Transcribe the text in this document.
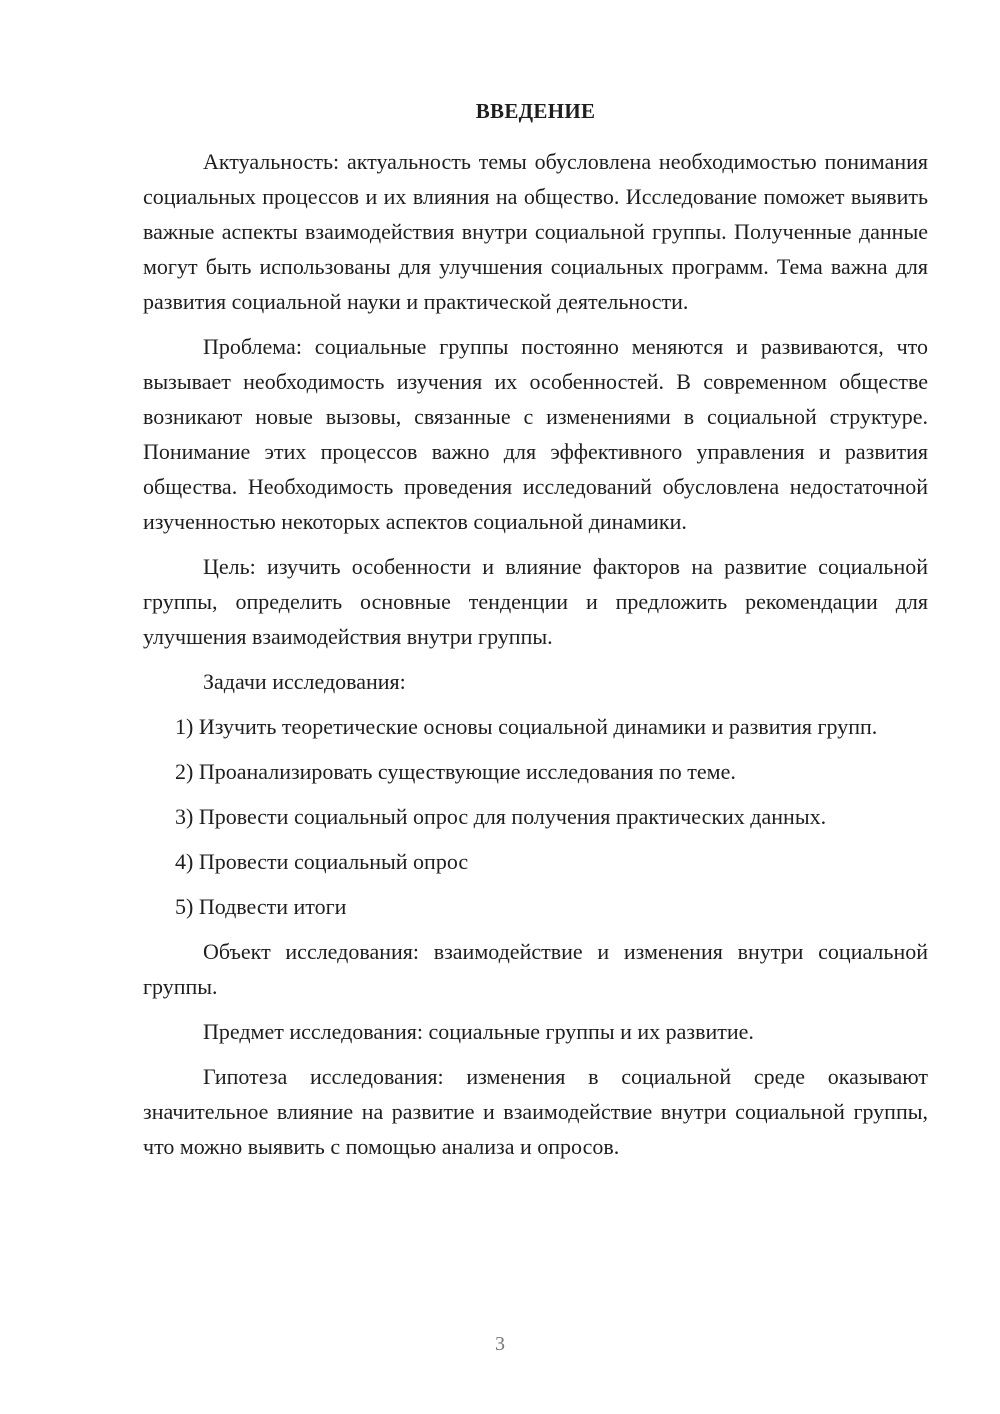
ВВЕДЕНИЕ

Актуальность: актуальность темы обусловлена необходимостью понимания социальных процессов и их влияния на общество. Исследование поможет выявить важные аспекты взаимодействия внутри социальной группы. Полученные данные могут быть использованы для улучшения социальных программ. Тема важна для развития социальной науки и практической деятельности.

Проблема: социальные группы постоянно меняются и развиваются, что вызывает необходимость изучения их особенностей. В современном обществе возникают новые вызовы, связанные с изменениями в социальной структуре. Понимание этих процессов важно для эффективного управления и развития общества. Необходимость проведения исследований обусловлена недостаточной изученностью некоторых аспектов социальной динамики.

Цель: изучить особенности и влияние факторов на развитие социальной группы, определить основные тенденции и предложить рекомендации для улучшения взаимодействия внутри группы.

Задачи исследования:

1) Изучить теоретические основы социальной динамики и развития групп.
2) Проанализировать существующие исследования по теме.
3) Провести социальный опрос для получения практических данных.
4) Провести социальный опрос
5) Подвести итоги

Объект исследования: взаимодействие и изменения внутри социальной группы.

Предмет исследования: социальные группы и их развитие.

Гипотеза исследования: изменения в социальной среде оказывают значительное влияние на развитие и взаимодействие внутри социальной группы, что можно выявить с помощью анализа и опросов.

3
